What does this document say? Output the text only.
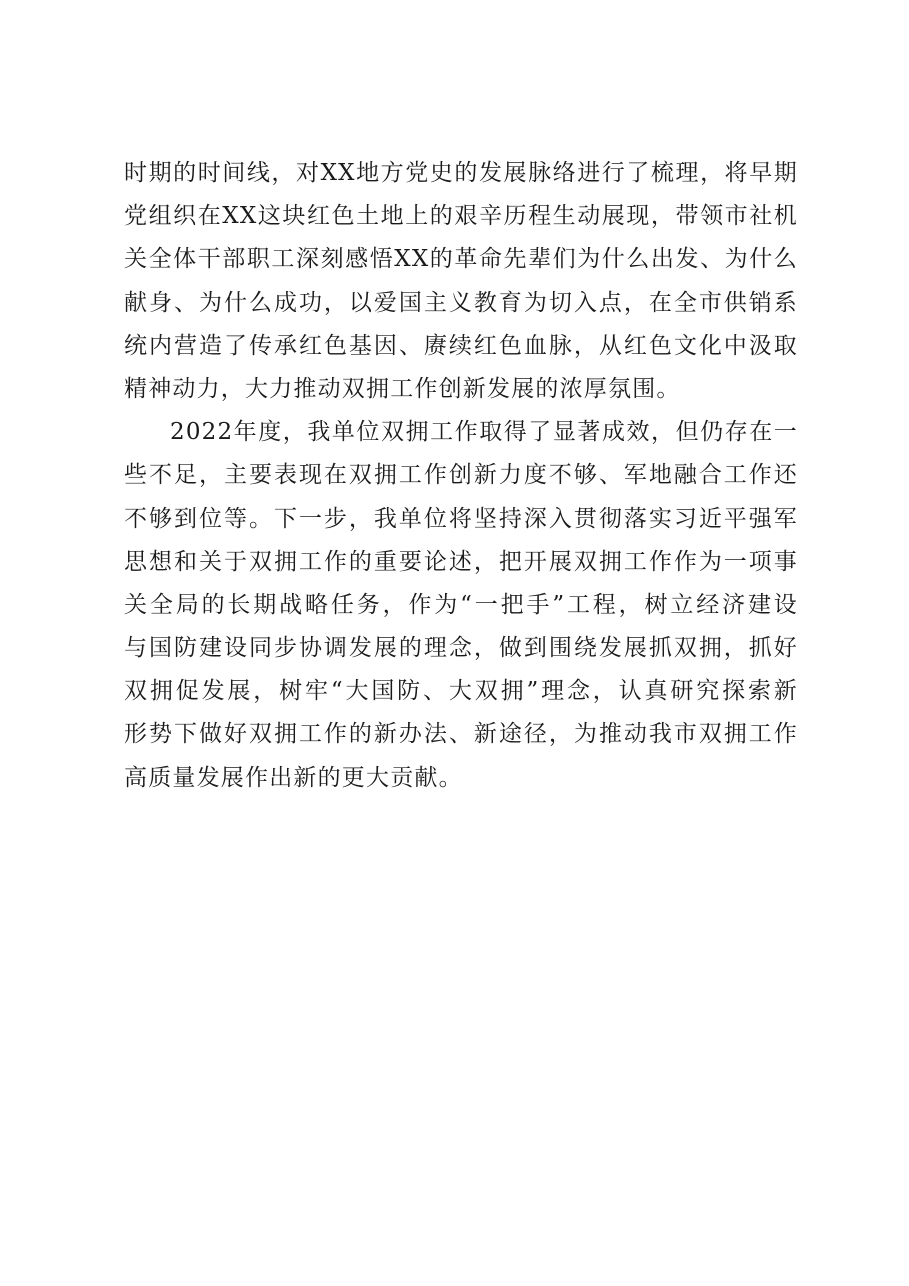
时期的时间线，对XX地方党史的发展脉络进行了梳理，将早期
党组织在XX这块红色土地上的艰辛历程生动展现，带领市社机
关全体干部职工深刻感悟XX的革命先辈们为什么出发、为什么
献身、为什么成功，以爱国主义教育为切入点，在全市供销系
统内营造了传承红色基因、赓续红色血脉，从红色文化中汲取
精神动力，大力推动双拥工作创新发展的浓厚氛围。

2022年度，我单位双拥工作取得了显著成效，但仍存在一
些不足，主要表现在双拥工作创新力度不够、军地融合工作还
不够到位等。下一步，我单位将坚持深入贯彻落实习近平强军
思想和关于双拥工作的重要论述，把开展双拥工作作为一项事
关全局的长期战略任务，作为“一把手”工程，树立经济建设
与国防建设同步协调发展的理念，做到围绕发展抓双拥，抓好
双拥促发展，树牢“大国防、大双拥”理念，认真研究探索新
形势下做好双拥工作的新办法、新途径，为推动我市双拥工作
高质量发展作出新的更大贡献。
